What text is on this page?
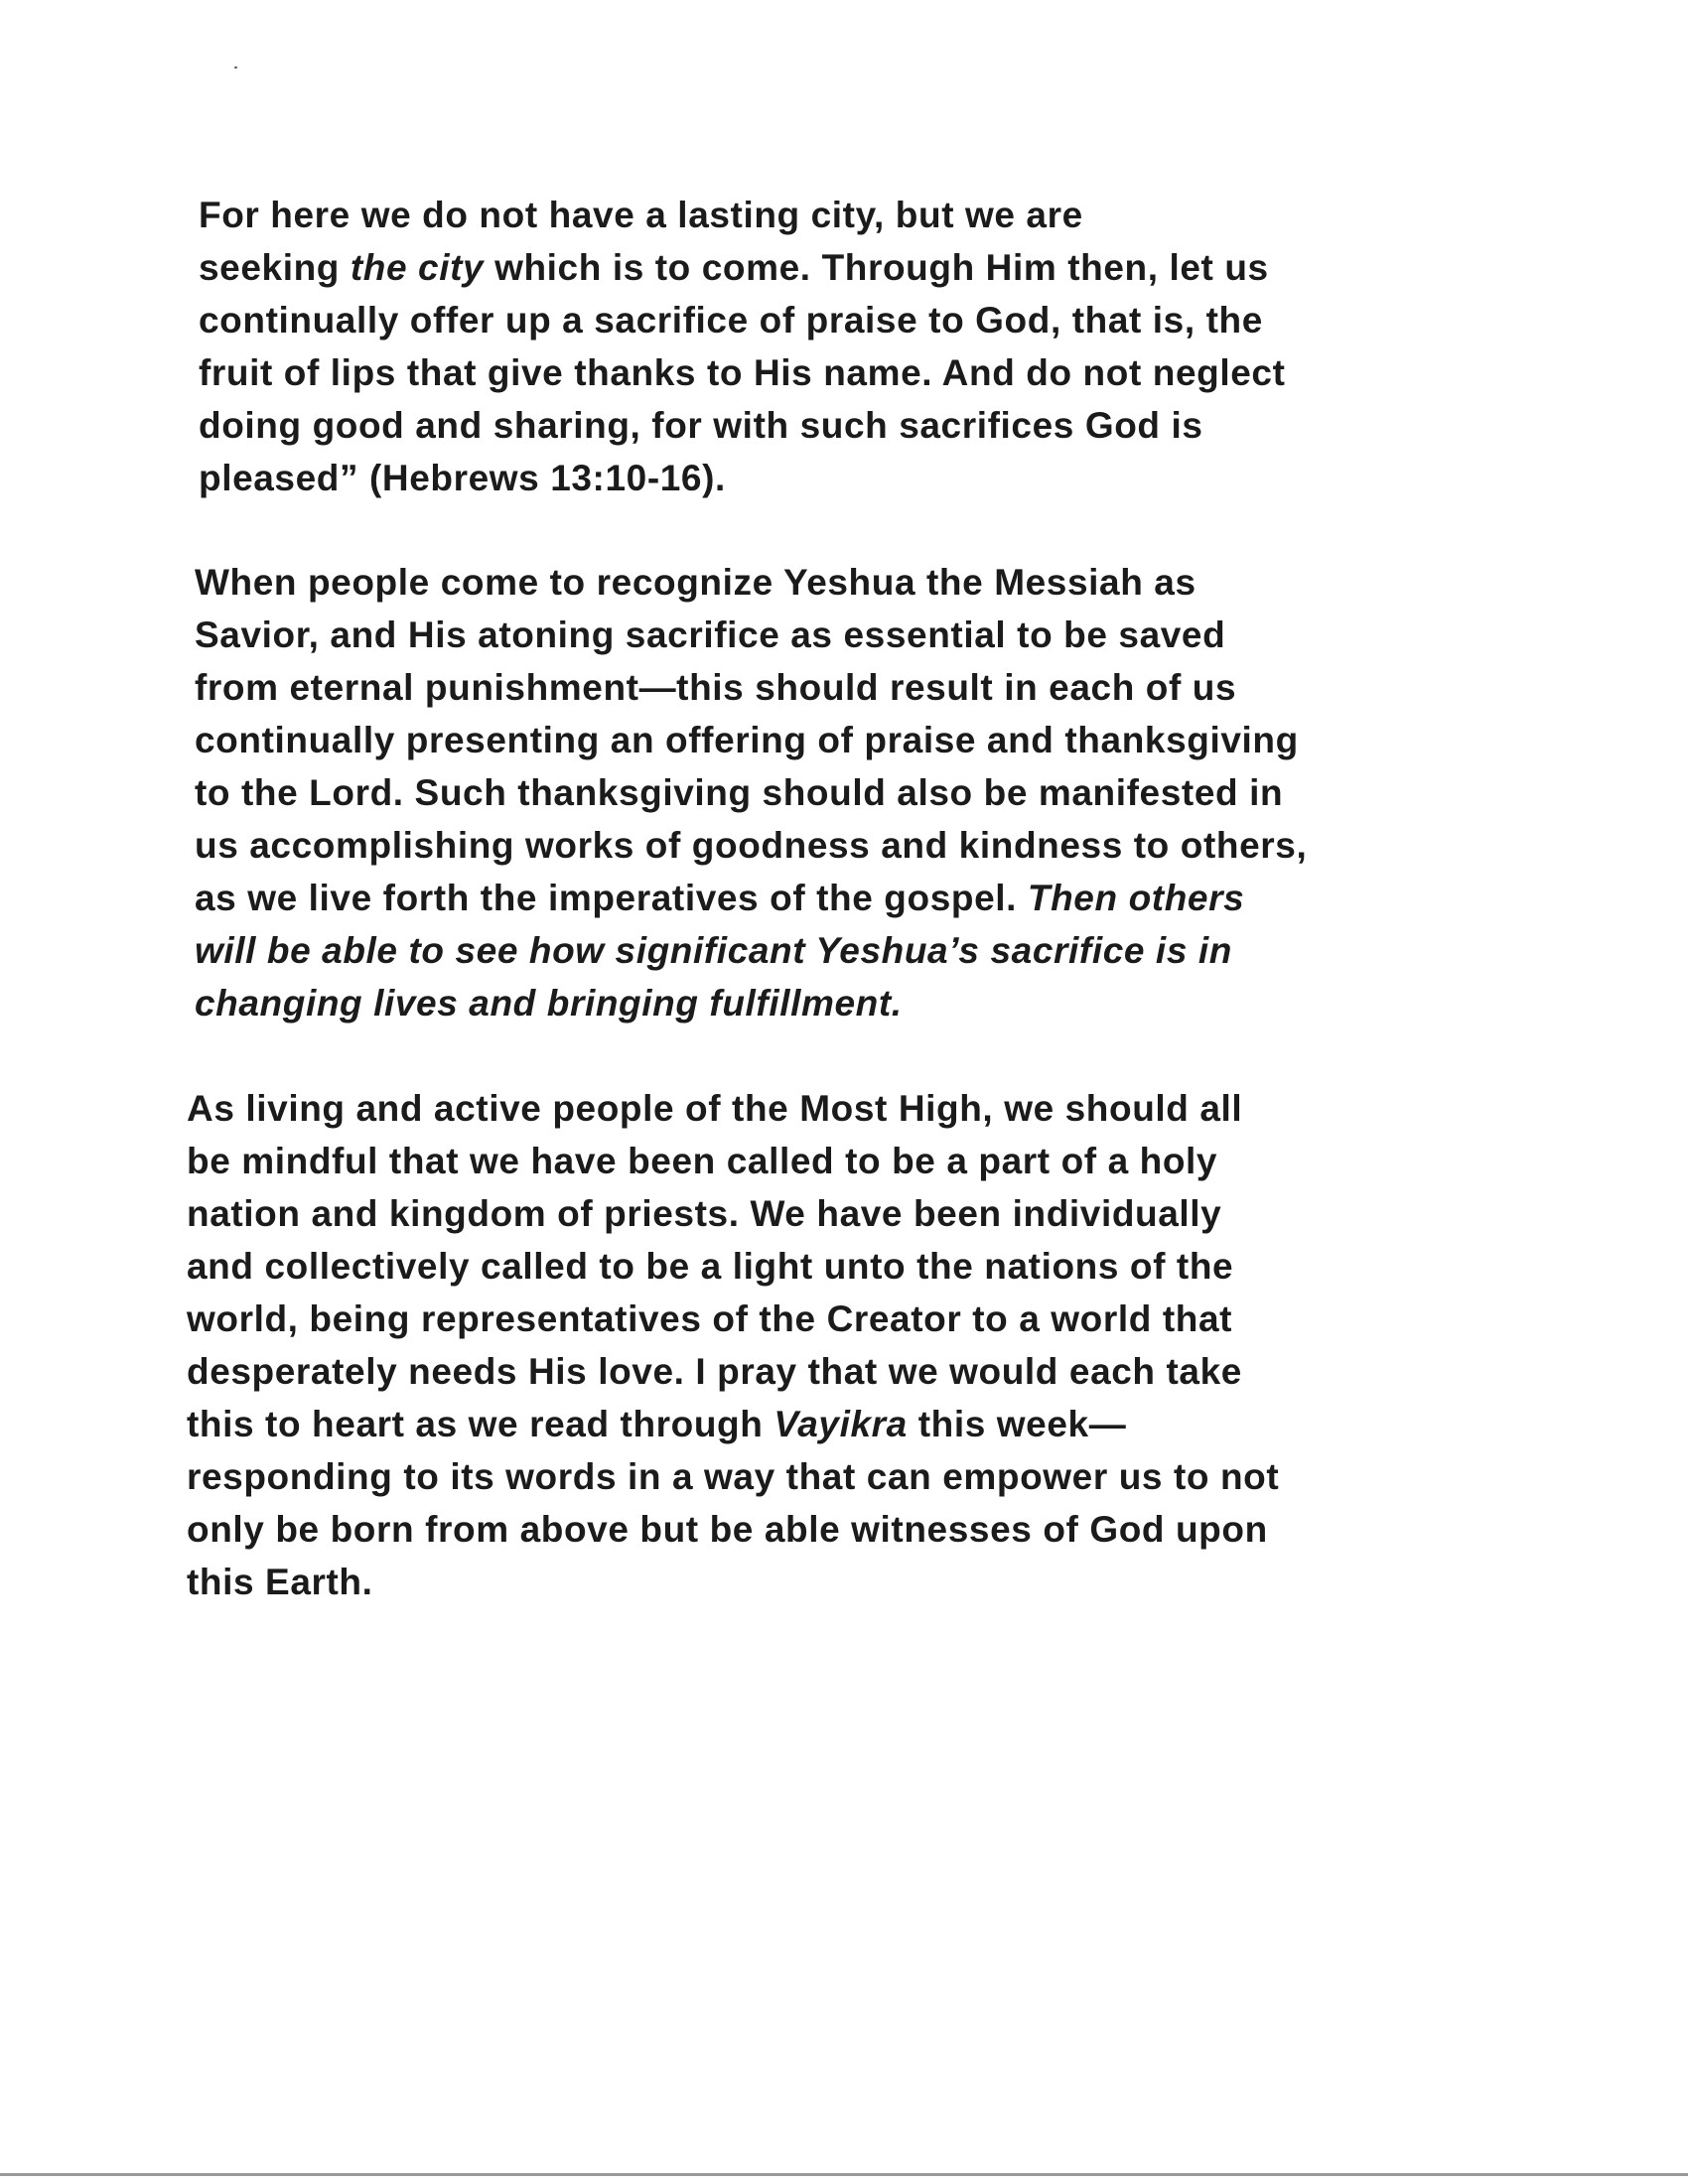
For here we do not have a lasting city, but we are
seeking the city which is to come. Through Him then, let us
continually offer up a sacrifice of praise to God, that is, the
fruit of lips that give thanks to His name. And do not neglect
doing good and sharing, for with such sacrifices God is
pleased” (Hebrews 13:10-16).

When people come to recognize Yeshua the Messiah as
Savior, and His atoning sacrifice as essential to be saved
from eternal punishment—this should result in each of us
continually presenting an offering of praise and thanksgiving
to the Lord. Such thanksgiving should also be manifested in
us accomplishing works of goodness and kindness to others,
as we live forth the imperatives of the gospel. Then others
will be able to see how significant Yeshua’s sacrifice is in
changing lives and bringing fulfillment.

As living and active people of the Most High, we should all
be mindful that we have been called to be a part of a holy
nation and kingdom of priests. We have been individually
and collectively called to be a light unto the nations of the
world, being representatives of the Creator to a world that
desperately needs His love. I pray that we would each take
this to heart as we read through Vayikra this week—
responding to its words in a way that can empower us to not
only be born from above but be able witnesses of God upon
this Earth.
